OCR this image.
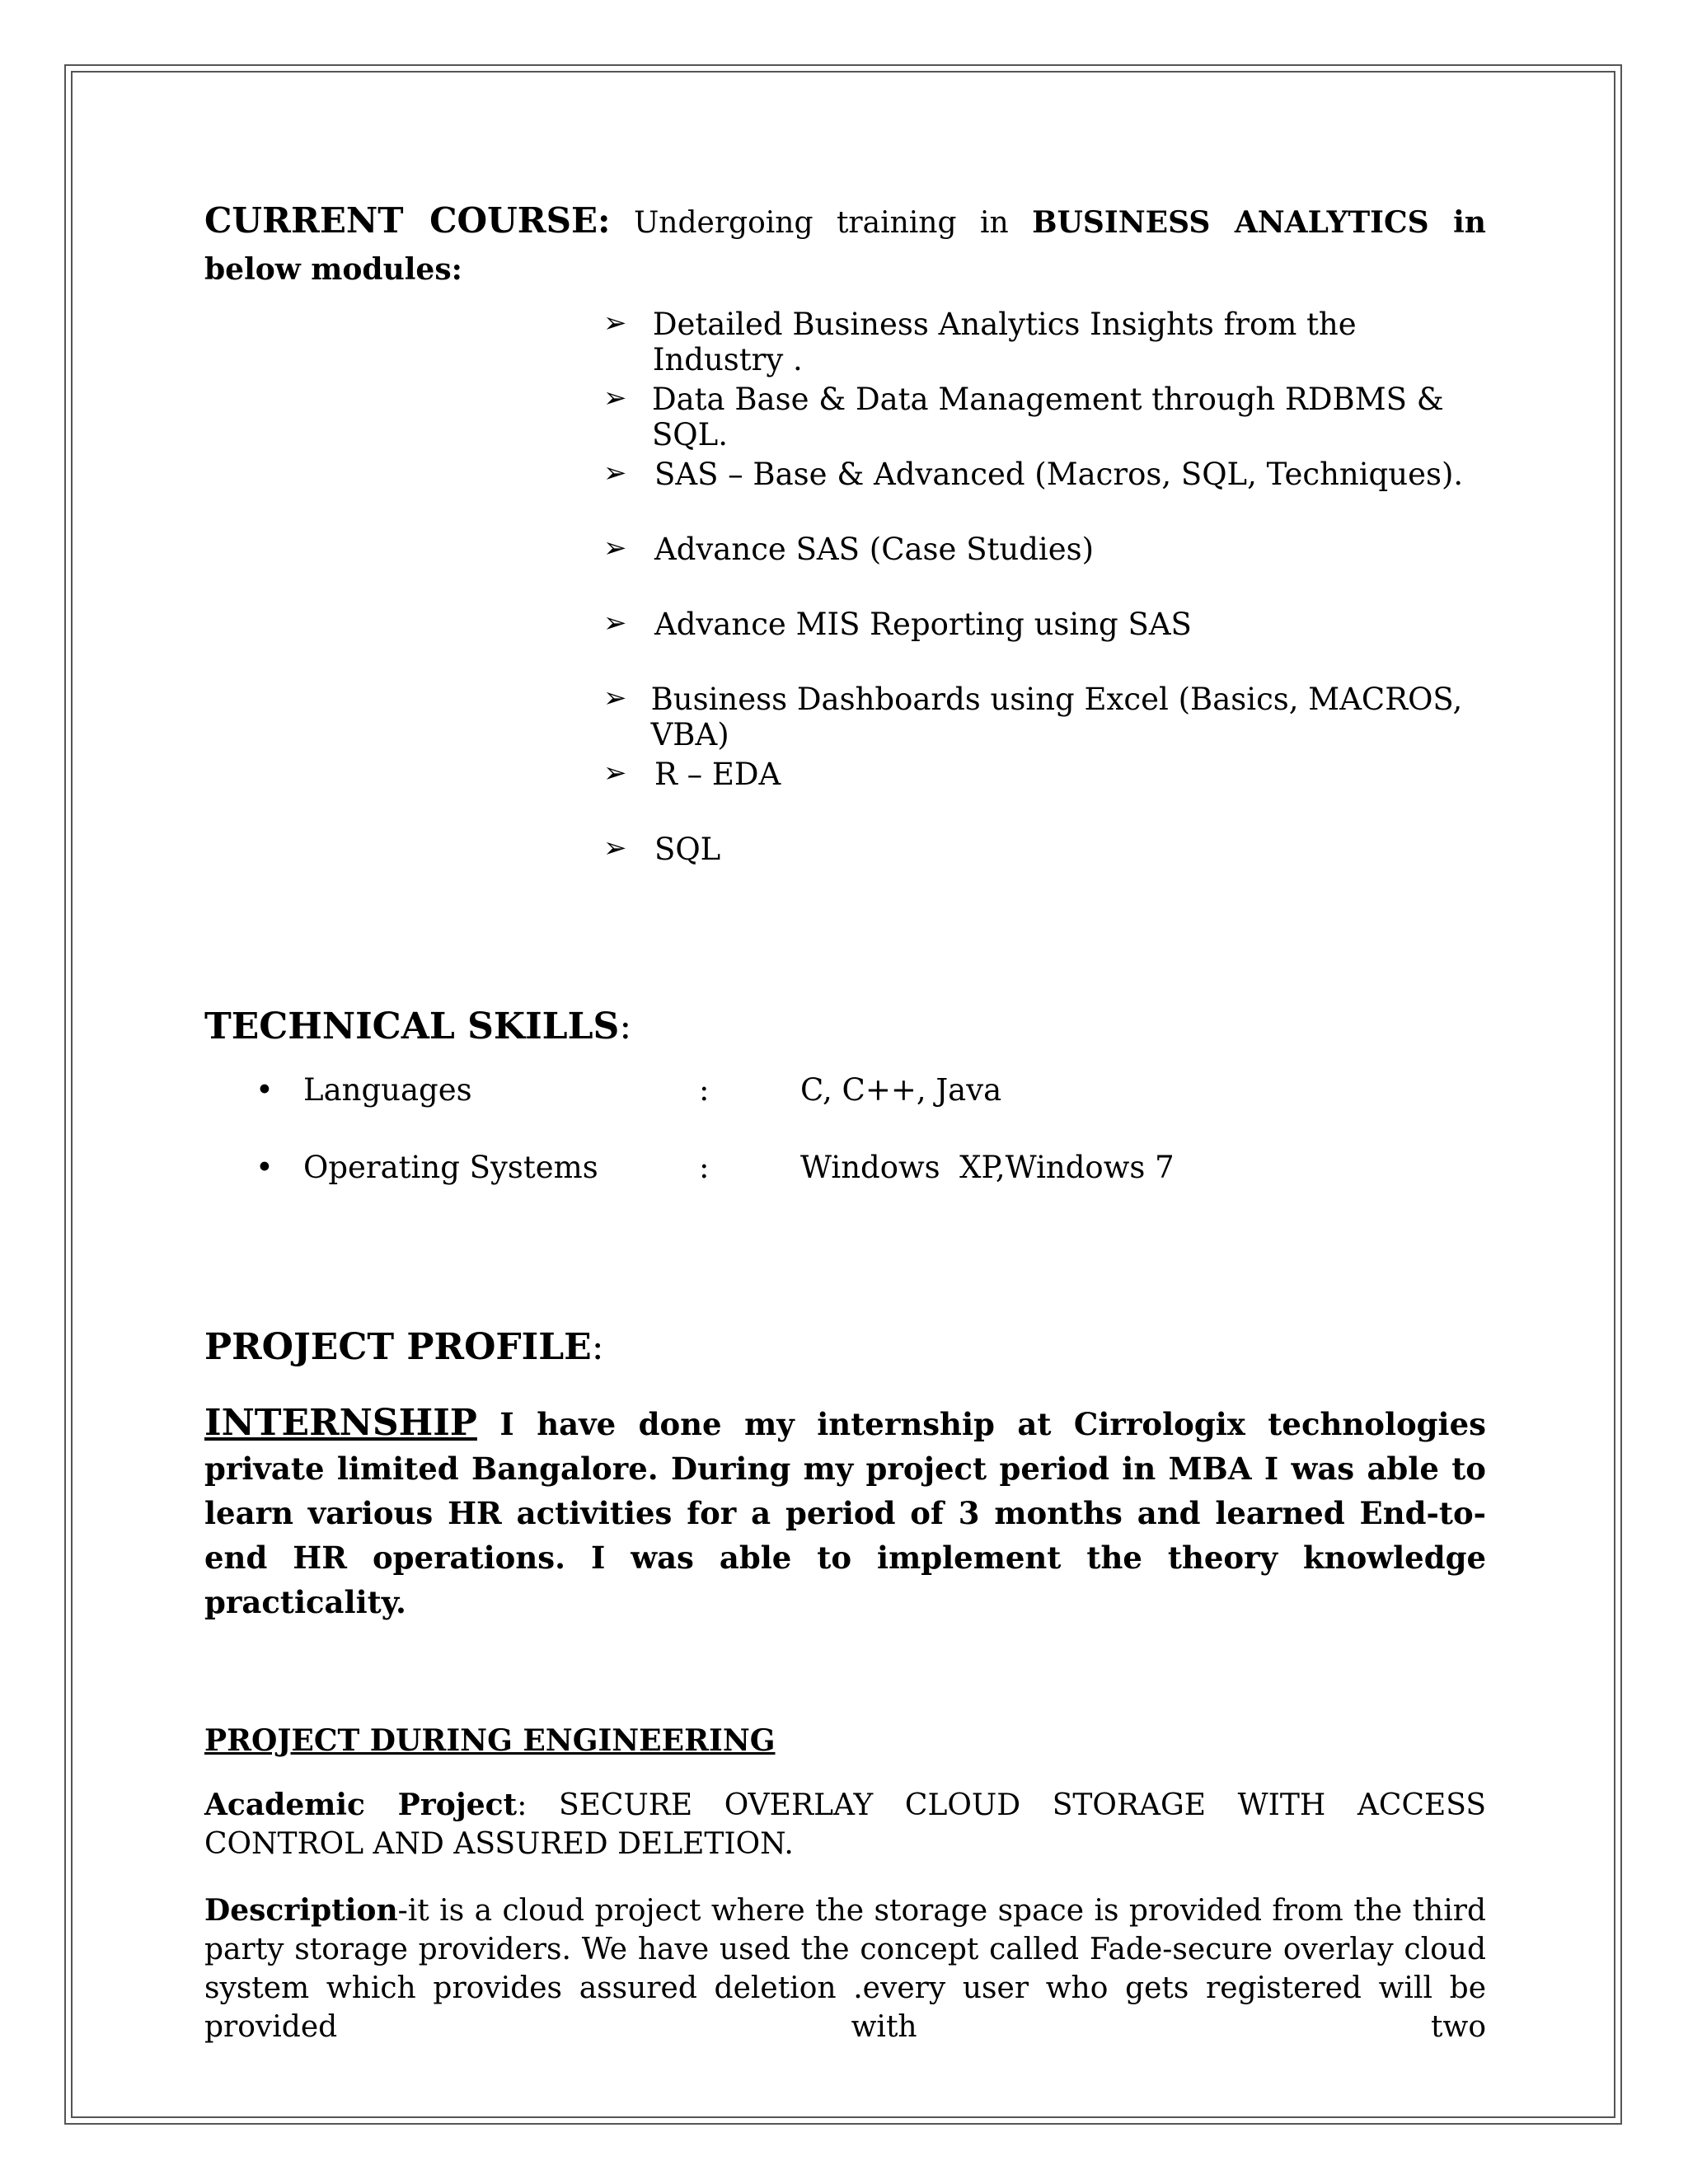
CURRENT COURSE: Undergoing training in BUSINESS ANALYTICS in below modules:

➢ Detailed Business Analytics Insights from the Industry .
➢ Data Base & Data Management through RDBMS & SQL.
➢ SAS – Base & Advanced (Macros, SQL, Techniques).
➢ Advance SAS (Case Studies)
➢ Advance MIS Reporting using SAS
➢ Business Dashboards using Excel (Basics, MACROS, VBA)
➢ R – EDA
➢ SQL
TECHNICAL SKILLS:
• Languages	:	C, C++, Java
• Operating Systems	:	Windows  XP,Windows 7
PROJECT PROFILE:

INTERNSHIP I have done my internship at Cirrologix technologies private limited Bangalore. During my project period in MBA I was able to learn various HR activities for a period of 3 months and learned End-to-end HR operations. I was able to implement the theory knowledge practicality.

PROJECT DURING ENGINEERING

Academic Project: SECURE OVERLAY CLOUD STORAGE WITH ACCESS CONTROL AND ASSURED DELETION.

Description-it is a cloud project where the storage space is provided from the third party storage providers. We have used the concept called Fade-secure overlay cloud system which provides assured deletion .every user who gets registered will be provided with two
